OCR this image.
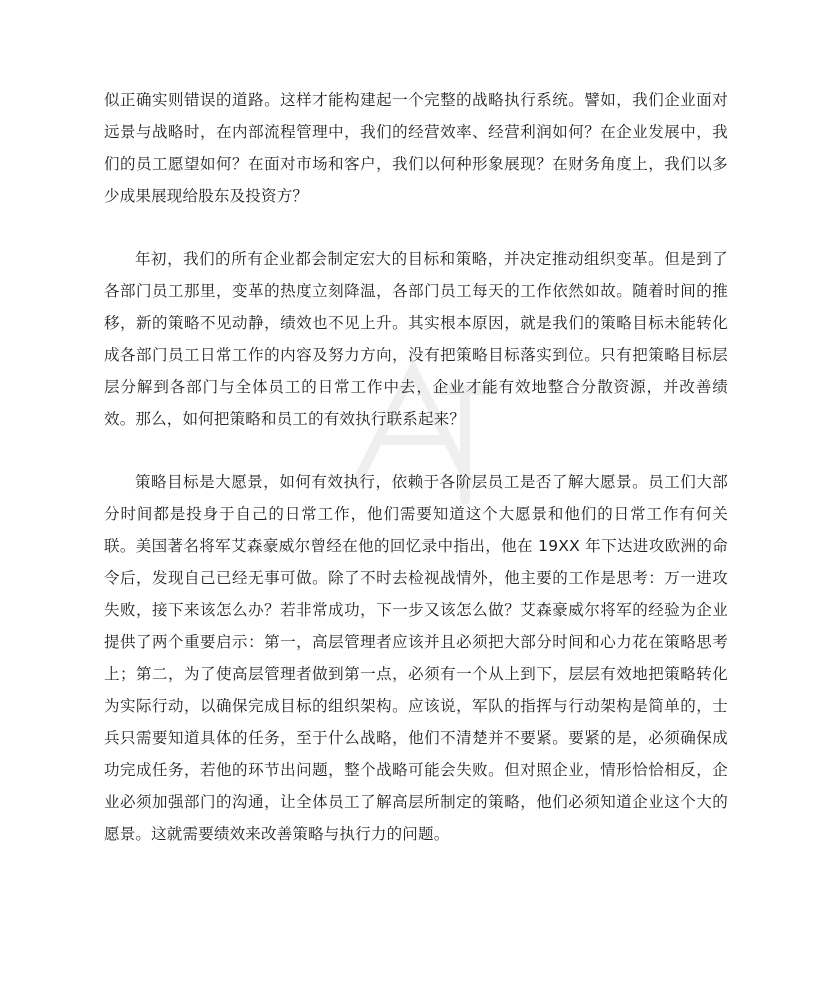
似正确实则错误的道路。这样才能构建起一个完整的战略执行系统。譬如，我们企业面对远景与战略时，在内部流程管理中，我们的经营效率、经营利润如何？在企业发展中，我们的员工愿望如何？在面对市场和客户，我们以何种形象展现？在财务角度上，我们以多少成果展现给股东及投资方？

年初，我们的所有企业都会制定宏大的目标和策略，并决定推动组织变革。但是到了各部门员工那里，变革的热度立刻降温，各部门员工每天的工作依然如故。随着时间的推移，新的策略不见动静，绩效也不见上升。其实根本原因，就是我们的策略目标未能转化成各部门员工日常工作的内容及努力方向，没有把策略目标落实到位。只有把策略目标层层分解到各部门与全体员工的日常工作中去，企业才能有效地整合分散资源，并改善绩效。那么，如何把策略和员工的有效执行联系起来？

策略目标是大愿景，如何有效执行，依赖于各阶层员工是否了解大愿景。员工们大部分时间都是投身于自己的日常工作，他们需要知道这个大愿景和他们的日常工作有何关联。美国著名将军艾森豪威尔曾经在他的回忆录中指出，他在 19XX 年下达进攻欧洲的命令后，发现自己已经无事可做。除了不时去检视战情外，他主要的工作是思考：万一进攻失败，接下来该怎么办？若非常成功，下一步又该怎么做？艾森豪威尔将军的经验为企业提供了两个重要启示：第一，高层管理者应该并且必须把大部分时间和心力花在策略思考上；第二，为了使高层管理者做到第一点，必须有一个从上到下，层层有效地把策略转化为实际行动，以确保完成目标的组织架构。应该说，军队的指挥与行动架构是简单的，士兵只需要知道具体的任务，至于什么战略，他们不清楚并不要紧。要紧的是，必须确保成功完成任务，若他的环节出问题，整个战略可能会失败。但对照企业，情形恰恰相反，企业必须加强部门的沟通，让全体员工了解高层所制定的策略，他们必须知道企业这个大的愿景。这就需要绩效来改善策略与执行力的问题。
